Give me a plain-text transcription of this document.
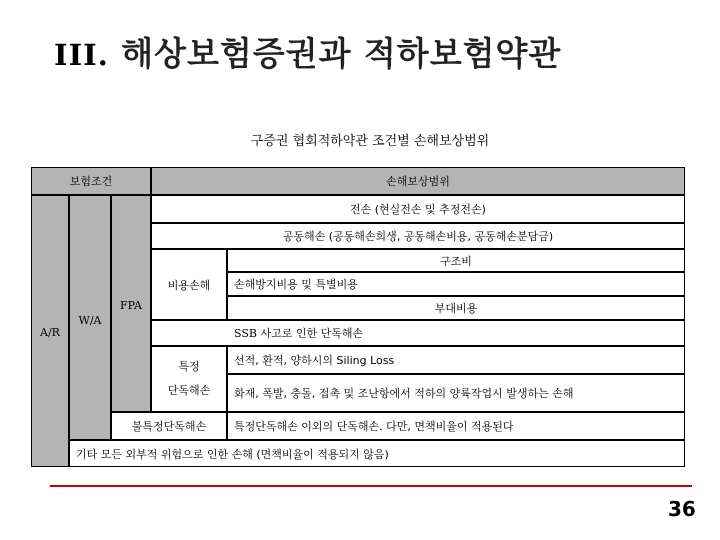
III. 해상보험증권과 적하보험약관
구증권 협회적하약관 조건별 손해보상범위
보험조건	손해보상범위
A/R
W/A
FPA
전손 (현실전손 및 추정전손)
공동해손 (공동해손희생, 공동해손비용, 공동해손분담금)
비용손해
구조비
손해방지비용 및 특별비용
부대비용
SSB 사고로 인한 단독해손
특정
단독해손
선적, 환적, 양하시의 Siling Loss
화재, 폭발, 충돌, 접촉 및 조난항에서 적하의 양륙작업시 발생하는 손해
불특정단독해손	특정단독해손 이외의 단독해손. 다만, 면책비율이 적용된다
기타 모든 외부적 위험으로 인한 손해 (면책비율이 적용되지 않음)
36
